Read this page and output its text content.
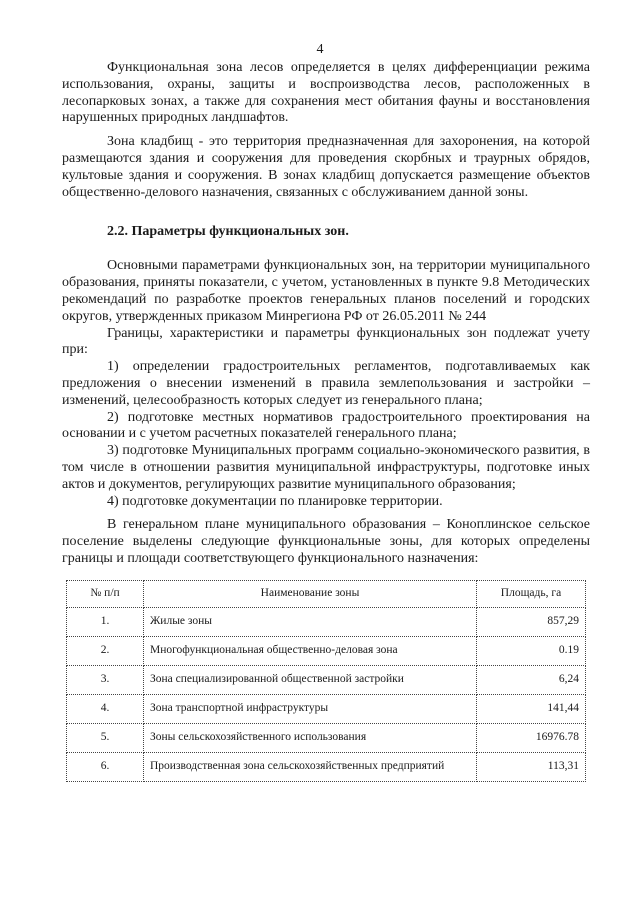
4

Функциональная зона лесов определяется в целях дифференциации режима использования, охраны, защиты и воспроизводства лесов, расположенных в лесопарковых зонах, а также для сохранения мест обитания фауны и восстановления нарушенных природных ландшафтов.

Зона кладбищ - это территория предназначенная для захоронения, на которой размещаются здания и сооружения для проведения скорбных и траурных обрядов, культовые здания и сооружения. В зонах кладбищ допускается размещение объектов общественно-делового назначения, связанных с обслуживанием данной зоны.

2.2. Параметры функциональных зон.

Основными параметрами функциональных зон, на территории муниципального образования, приняты показатели, с учетом, установленных в пункте 9.8 Методических рекомендаций по разработке проектов генеральных планов поселений и городских округов, утвержденных приказом Минрегиона РФ от 26.05.2011 № 244

Границы, характеристики и параметры функциональных зон подлежат учету при:

1) определении градостроительных регламентов, подготавливаемых как предложения о внесении изменений в правила землепользования и застройки – изменений, целесообразность которых следует из генерального плана;

2) подготовке местных нормативов градостроительного проектирования на основании и с учетом расчетных показателей генерального плана;

3) подготовке Муниципальных программ социально-экономического развития, в том числе в отношении развития муниципальной инфраструктуры, подготовке иных актов и документов, регулирующих развитие муниципального образования;

4) подготовке документации по планировке территории.

В генеральном плане муниципального образования – Коноплинское сельское поселение выделены следующие функциональные зоны, для которых определены границы и площади соответствующего функционального назначения:

№ п/п	Наименование зоны	Площадь, га
1.	Жилые зоны	857,29
2.	Многофункциональная общественно-деловая зона	0.19
3.	Зона специализированной общественной застройки	6,24
4.	Зона транспортной инфраструктуры	141,44
5.	Зоны сельскохозяйственного использования	16976.78
6.	Производственная зона сельскохозяйственных предприятий	113,31
